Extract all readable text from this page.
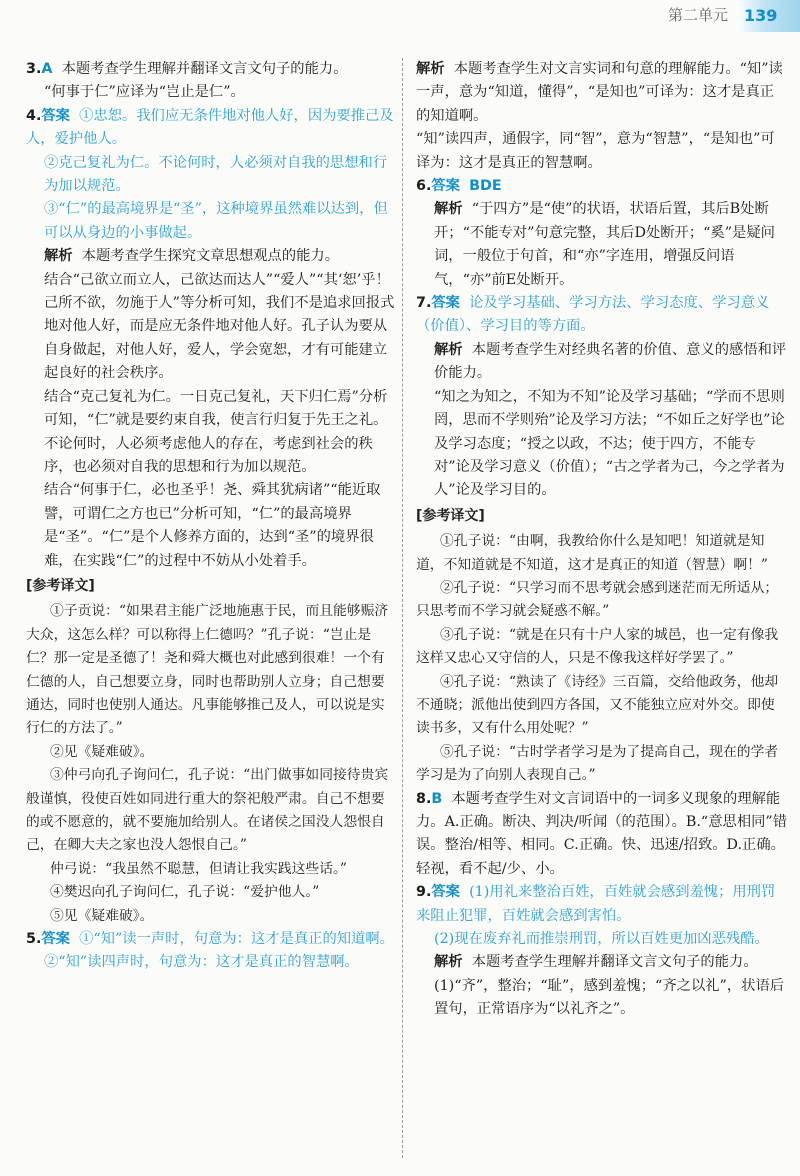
第二单元	139

3.A 本题考查学生理解并翻译文言文句子的能力。

“何事于仁”应译为“岂止是仁”。

4.答案 ①忠恕。我们应无条件地对他人好，因为要推己及人，爱护他人。

②克己复礼为仁。不论何时，人必须对自我的思想和行为加以规范。

③“仁”的最高境界是“圣”，这种境界虽然难以达到，但可以从身边的小事做起。

解析 本题考查学生探究文章思想观点的能力。

结合“己欲立而立人，己欲达而达人”“爱人”“其‘恕’乎！己所不欲，勿施于人”等分析可知，我们不是追求回报式地对他人好，而是应无条件地对他人好。孔子认为要从自身做起，对他人好，爱人，学会宽恕，才有可能建立起良好的社会秩序。

结合“克己复礼为仁。一日克己复礼，天下归仁焉”分析可知，“仁”就是要约束自我，使言行归复于先王之礼。不论何时，人必须考虑他人的存在，考虑到社会的秩序，也必须对自我的思想和行为加以规范。

结合“何事于仁，必也圣乎！尧、舜其犹病诸”“能近取譬，可谓仁之方也已”分析可知，“仁”的最高境界是“圣”。“仁”是个人修养方面的，达到“圣”的境界很难，在实践“仁”的过程中不妨从小处着手。

[参考译文]

①子贡说：“如果君主能广泛地施惠于民，而且能够赈济大众，这怎么样？可以称得上仁德吗？”孔子说：“岂止是仁？那一定是圣德了！尧和舜大概也对此感到很难！一个有仁德的人，自己想要立身，同时也帮助别人立身；自己想要通达，同时也使别人通达。凡事能够推己及人，可以说是实行仁的方法了。”

②见《疑难破》。

③仲弓向孔子询问仁，孔子说：“出门做事如同接待贵宾般谨慎，役使百姓如同进行重大的祭祀般严肃。自己不想要的或不愿意的，就不要施加给别人。在诸侯之国没人怨恨自己，在卿大夫之家也没人怨恨自己。”

仲弓说：“我虽然不聪慧，但请让我实践这些话。”

④樊迟向孔子询问仁，孔子说：“爱护他人。”

⑤见《疑难破》。

5.答案 ①“知”读一声时，句意为：这才是真正的知道啊。

②“知”读四声时，句意为：这才是真正的智慧啊。

解析 本题考查学生对文言实词和句意的理解能力。“知”读一声，意为“知道，懂得”，“是知也”可译为：这才是真正的知道啊。

“知”读四声，通假字，同“智”，意为“智慧”，“是知也”可译为：这才是真正的智慧啊。

6.答案 BDE

解析 “于四方”是“使”的状语，状语后置，其后B处断开；“不能专对”句意完整，其后D处断开；“奚”是疑问词，一般位于句首，和“亦”字连用，增强反问语气，“亦”前E处断开。

7.答案 论及学习基础、学习方法、学习态度、学习意义（价值）、学习目的等方面。

解析 本题考查学生对经典名著的价值、意义的感悟和评价能力。

“知之为知之，不知为不知”论及学习基础；“学而不思则罔，思而不学则殆”论及学习方法；“不如丘之好学也”论及学习态度；“授之以政，不达；使于四方，不能专对”论及学习意义（价值）；“古之学者为己，今之学者为人”论及学习目的。

[参考译文]

①孔子说：“由啊，我教给你什么是知吧！知道就是知道，不知道就是不知道，这才是真正的知道（智慧）啊！”

②孔子说：“只学习而不思考就会感到迷茫而无所适从；只思考而不学习就会疑惑不解。”

③孔子说：“就是在只有十户人家的城邑，也一定有像我这样又忠心又守信的人，只是不像我这样好学罢了。”

④孔子说：“熟读了《诗经》三百篇，交给他政务，他却不通晓；派他出使到四方各国，又不能独立应对外交。即使读书多，又有什么用处呢？”

⑤孔子说：“古时学者学习是为了提高自己，现在的学者学习是为了向别人表现自己。”

8.B 本题考查学生对文言词语中的一词多义现象的理解能力。A.正确。断决、判决/听闻（的范围）。B.“意思相同”错误。整治/相等、相同。C.正确。快、迅速/招致。D.正确。轻视，看不起/少、小。

9.答案 (1)用礼来整治百姓，百姓就会感到羞愧；用刑罚来阻止犯罪，百姓就会感到害怕。

(2)现在废弃礼而推崇刑罚，所以百姓更加凶恶残酷。

解析 本题考查学生理解并翻译文言文句子的能力。(1)“齐”，整治；“耻”，感到羞愧；“齐之以礼”，状语后置句，正常语序为“以礼齐之”。
